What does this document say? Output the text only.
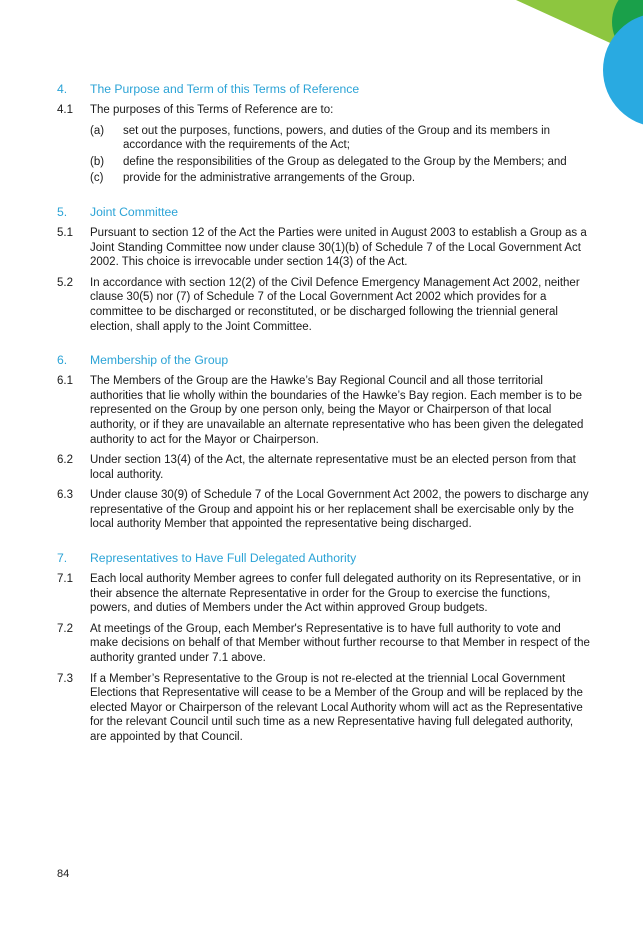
4.	The Purpose and Term of this Terms of Reference
4.1	The purposes of this Terms of Reference are to:
(a)	set out the purposes, functions, powers, and duties of the Group and its members in accordance with the requirements of the Act;
(b)	define the responsibilities of the Group as delegated to the Group by the Members; and
(c)	provide for the administrative arrangements of the Group.
5.	Joint Committee
5.1	Pursuant to section 12 of the Act the Parties were united in August 2003 to establish a Group as a Joint Standing Committee now under clause 30(1)(b) of Schedule 7 of the Local Government Act 2002. This choice is irrevocable under section 14(3) of the Act.
5.2	In accordance with section 12(2) of the Civil Defence Emergency Management Act 2002, neither clause 30(5) nor (7) of Schedule 7 of the Local Government Act 2002 which provides for a committee to be discharged or reconstituted, or be discharged following the triennial general election, shall apply to the Joint Committee.
6.	Membership of the Group
6.1	The Members of the Group are the Hawke’s Bay Regional Council and all those territorial authorities that lie wholly within the boundaries of the Hawke’s Bay region. Each member is to be represented on the Group by one person only, being the Mayor or Chairperson of that local authority, or if they are unavailable an alternate representative who has been given the delegated authority to act for the Mayor or Chairperson.
6.2	Under section 13(4) of the Act, the alternate representative must be an elected person from that local authority.
6.3	Under clause 30(9) of Schedule 7 of the Local Government Act 2002, the powers to discharge any representative of the Group and appoint his or her replacement shall be exercisable only by the local authority Member that appointed the representative being discharged.
7.	Representatives to Have Full Delegated Authority
7.1	Each local authority Member agrees to confer full delegated authority on its Representative, or in their absence the alternate Representative in order for the Group to exercise the functions, powers, and duties of Members under the Act within approved Group budgets.
7.2	At meetings of the Group, each Member's Representative is to have full authority to vote and make decisions on behalf of that Member without further recourse to that Member in respect of the authority granted under 7.1 above.
7.3	If a Member’s Representative to the Group is not re-elected at the triennial Local Government Elections that Representative will cease to be a Member of the Group and will be replaced by the elected Mayor or Chairperson of the relevant Local Authority whom will act as the Representative for the relevant Council until such time as a new Representative having full delegated authority, are appointed by that Council.
84
